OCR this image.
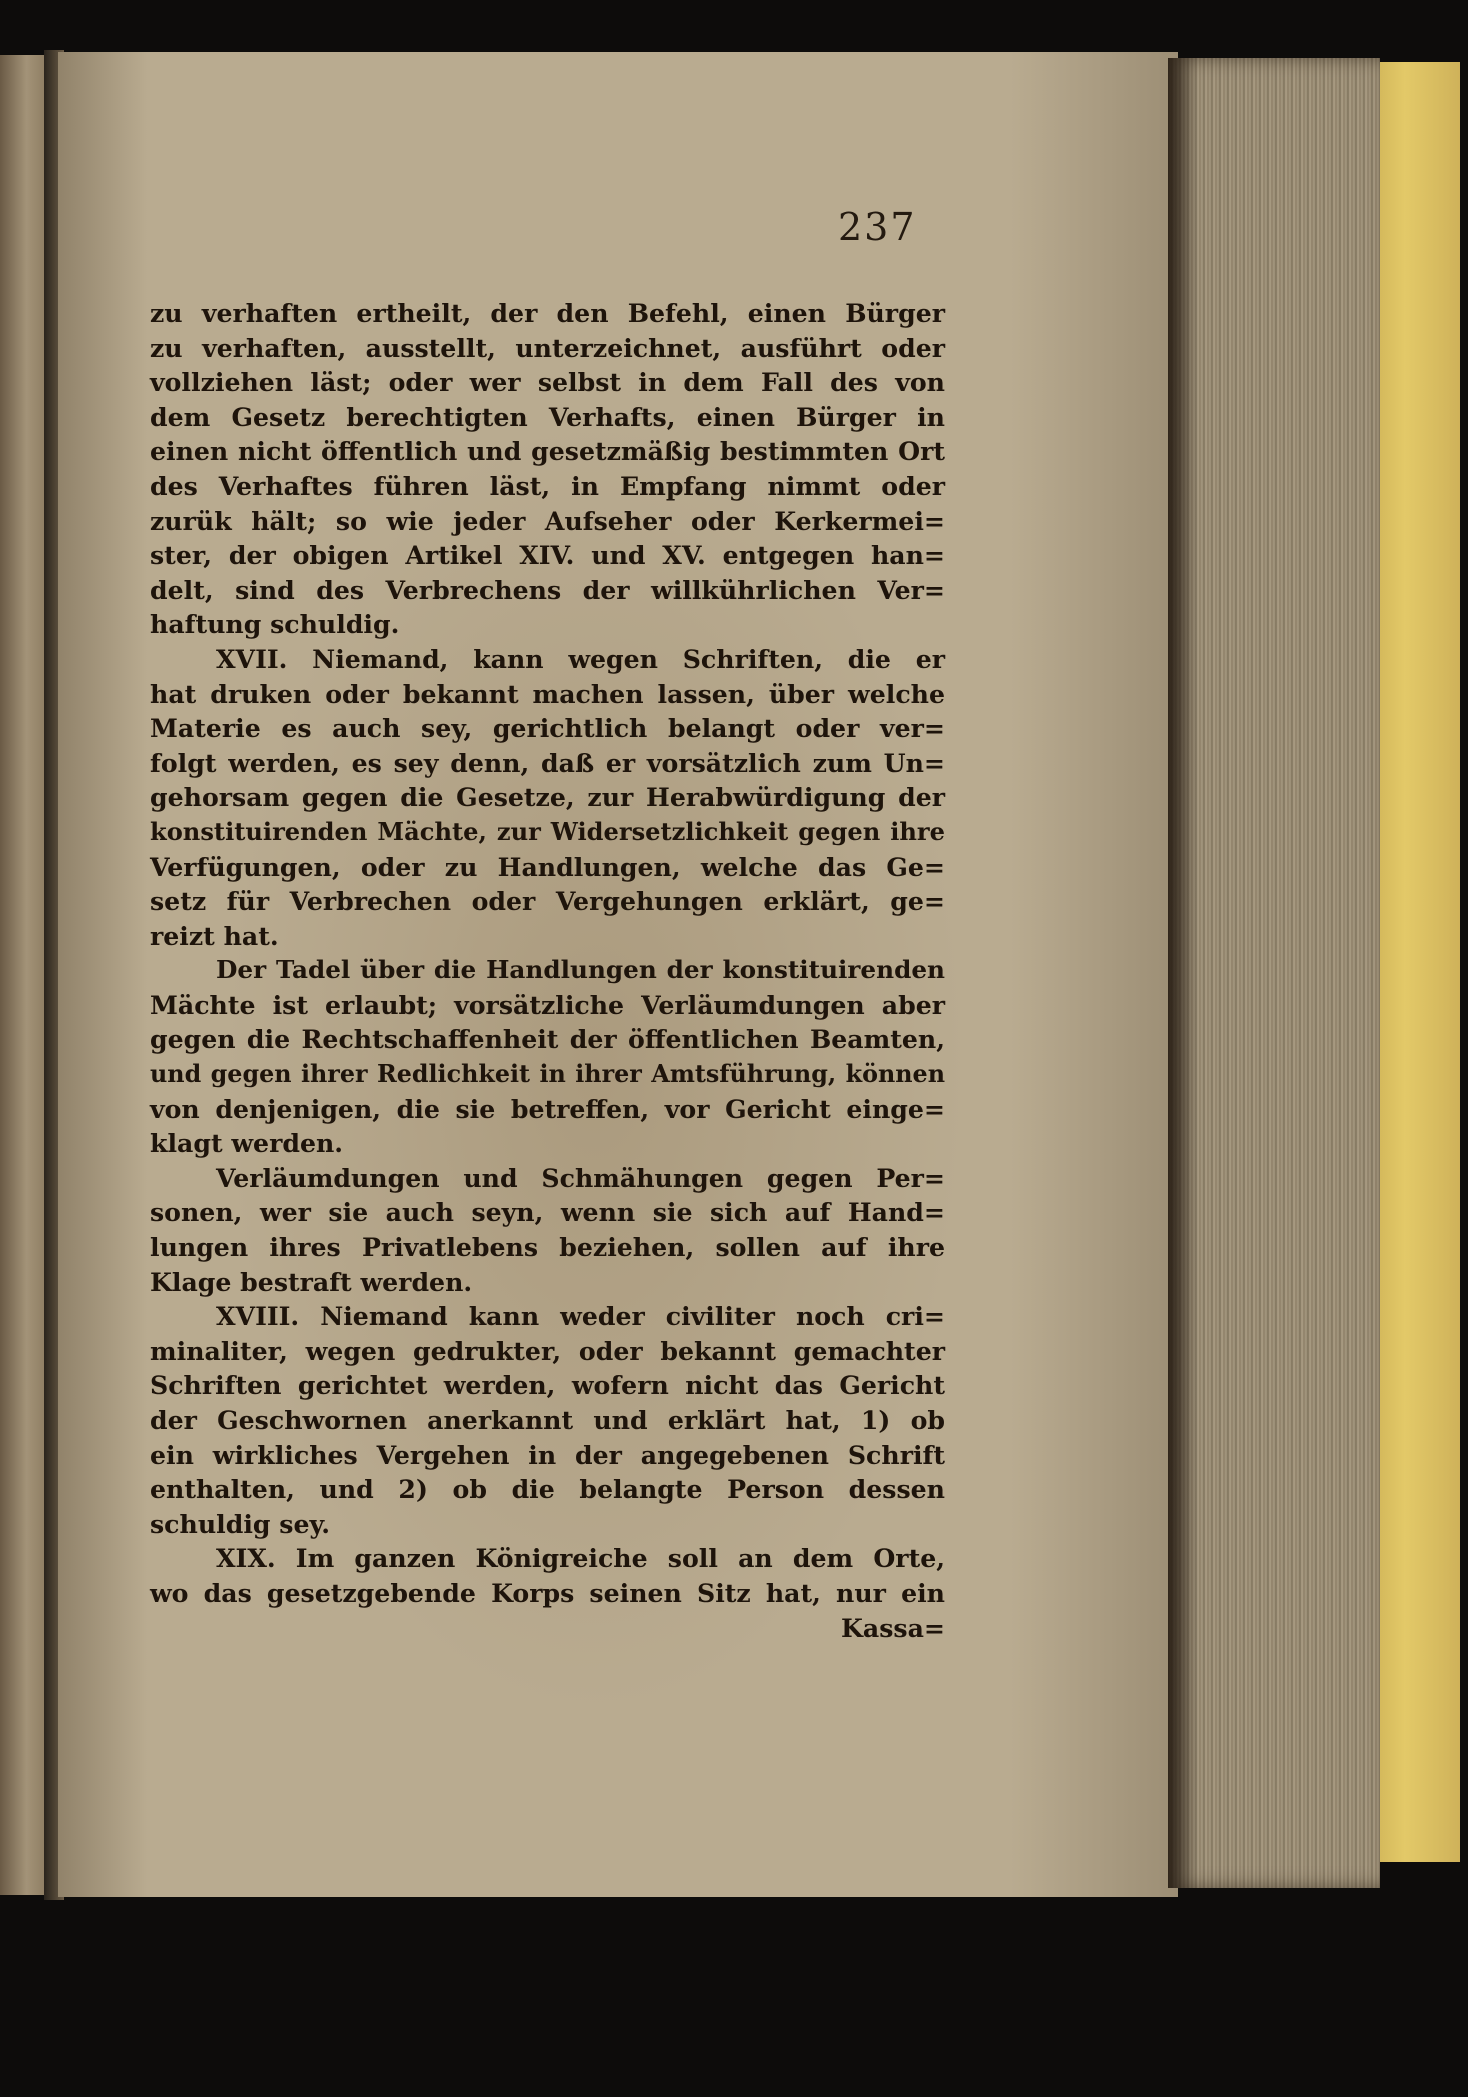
237
zu verhaften ertheilt, der den Befehl, einen Bürger
zu verhaften, ausstellt, unterzeichnet, ausführt oder
vollziehen läst; oder wer selbst in dem Fall des von
dem Gesetz berechtigten Verhafts, einen Bürger in
einen nicht öffentlich und gesetzmäßig bestimmten Ort
des Verhaftes führen läst, in Empfang nimmt oder
zurük hält; so wie jeder Aufseher oder Kerkermei=
ster, der obigen Artikel XIV. und XV. entgegen han=
delt, sind des Verbrechens der willkührlichen Ver=
haftung schuldig.
XVII. Niemand, kann wegen Schriften, die er
hat druken oder bekannt machen lassen, über welche
Materie es auch sey, gerichtlich belangt oder ver=
folgt werden, es sey denn, daß er vorsätzlich zum Un=
gehorsam gegen die Gesetze, zur Herabwürdigung der
konstituirenden Mächte, zur Widersetzlichkeit gegen ihre
Verfügungen, oder zu Handlungen, welche das Ge=
setz für Verbrechen oder Vergehungen erklärt, ge=
reizt hat.
Der Tadel über die Handlungen der konstituirenden
Mächte ist erlaubt; vorsätzliche Verläumdungen aber
gegen die Rechtschaffenheit der öffentlichen Beamten,
und gegen ihrer Redlichkeit in ihrer Amtsführung, können
von denjenigen, die sie betreffen, vor Gericht einge=
klagt werden.
Verläumdungen und Schmähungen gegen Per=
sonen, wer sie auch seyn, wenn sie sich auf Hand=
lungen ihres Privatlebens beziehen, sollen auf ihre
Klage bestraft werden.
XVIII. Niemand kann weder civiliter noch cri=
minaliter, wegen gedrukter, oder bekannt gemachter
Schriften gerichtet werden, wofern nicht das Gericht
der Geschwornen anerkannt und erklärt hat, 1) ob
ein wirkliches Vergehen in der angegebenen Schrift
enthalten, und 2) ob die belangte Person dessen
schuldig sey.
XIX. Im ganzen Königreiche soll an dem Orte,
wo das gesetzgebende Korps seinen Sitz hat, nur ein
Kassa=
